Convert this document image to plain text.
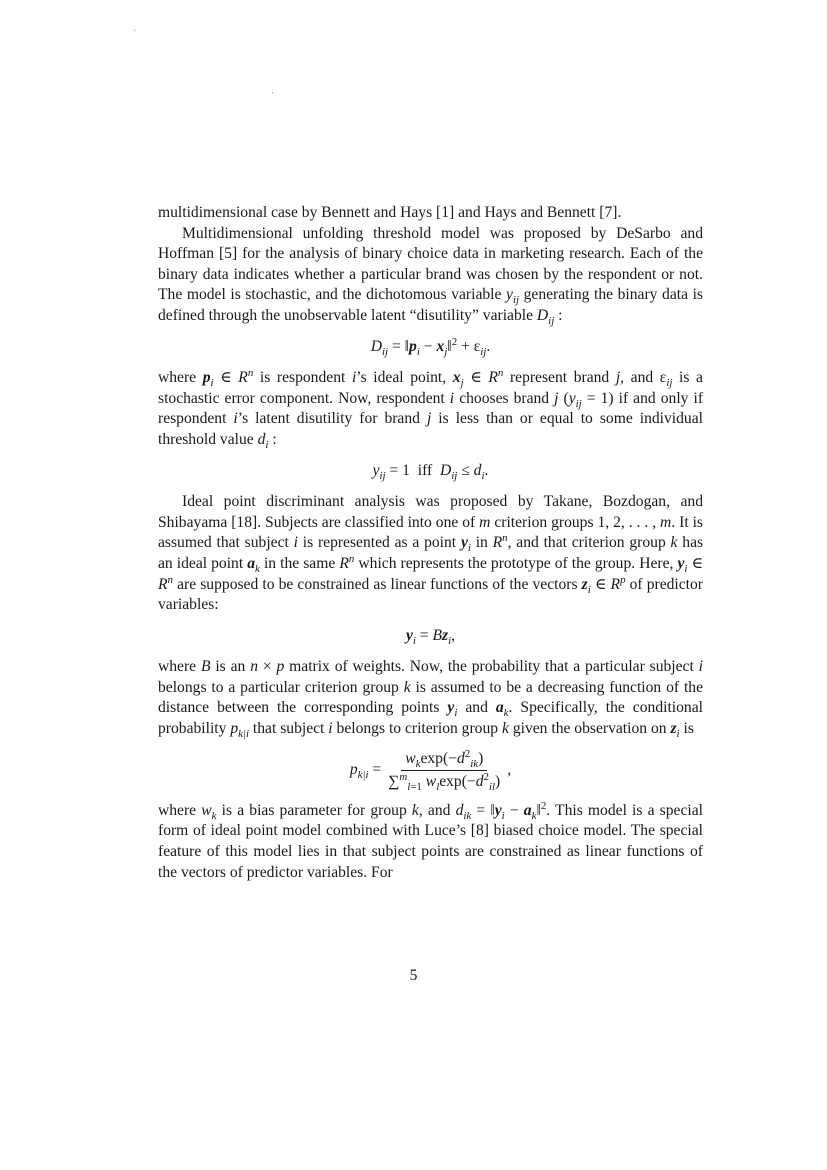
multidimensional case by Bennett and Hays [1] and Hays and Bennett [7].

Multidimensional unfolding threshold model was proposed by DeSarbo and Hoffman [5] for the analysis of binary choice data in marketing research. Each of the binary data indicates whether a particular brand was chosen by the respondent or not. The model is stochastic, and the dichotomous variable $y_{ij}$ generating the binary data is defined through the unobservable latent “disutility” variable $D_{ij}$ :

$D_{ij}$ = $‖p_i$ − $x_j‖^2 + \varepsilon_{ij}$.

where $p_i$ ∈ $R^n$ is respondent i’s ideal point, $x_j$ ∈ $R^n$ represent brand j, and $\varepsilon_{ij}$ is a stochastic error component. Now, respondent i chooses brand j $(y_{ij} = 1)$ if and only if respondent i’s latent disutility for brand j is less than or equal to some individual threshold value $d_i$ :

$y_{ij} = 1$  iff  $D_{ij} \le d_i$.

Ideal point discriminant analysis was proposed by Takane, Bozdogan, and Shibayama [18]. Subjects are classified into one of m criterion groups 1, 2, . . . , m. It is assumed that subject i is represented as a point $y_i$ in $R^n$, and that criterion group k has an ideal point $a_k$ in the same $R^n$ which represents the prototype of the group. Here, $y_i$ ∈ $R^n$ are supposed to be constrained as linear functions of the vectors $z_i$ ∈ $R^p$ of predictor variables:

$y_i = Bz_i$,

where B is an n × p matrix of weights. Now, the probability that a particular subject i belongs to a particular criterion group k is assumed to be a decreasing function of the distance between the corresponding points $y_i$ and $a_k$. Specifically, the conditional probability $p_{k|i}$ that subject i belongs to criterion group k given the observation on $z_i$ is

$p_{k|i} = \frac{w_k\exp(-d^2_{ik})}{\sum^m_{l=1} w_l\exp(-d^2_{il})}$ ,

where $w_k$ is a bias parameter for group k, and $d_{ik}$ = $‖y_i$ − $a_k‖^2$. This model is a special form of ideal point model combined with Luce’s [8] biased choice model. The special feature of this model lies in that subject points are constrained as linear functions of the vectors of predictor variables. For

5
